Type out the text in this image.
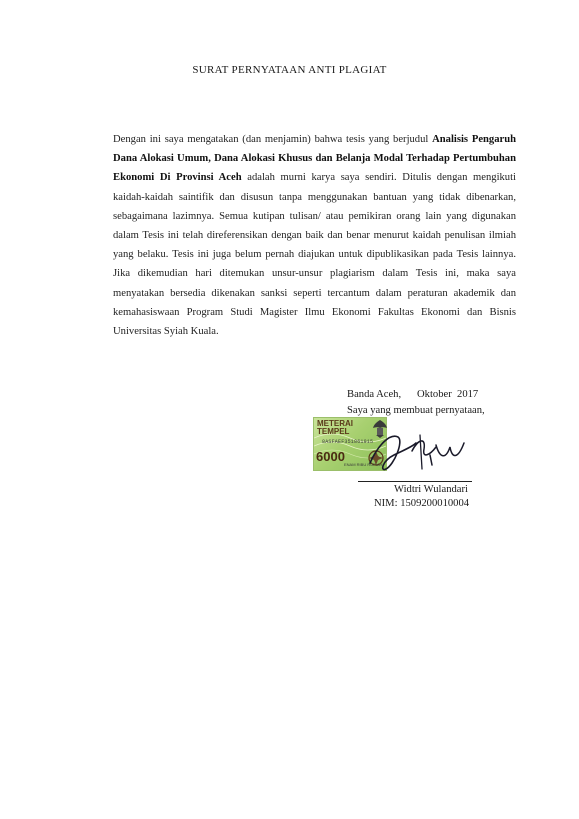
SURAT PERNYATAAN ANTI PLAGIAT
Dengan ini saya mengatakan (dan menjamin) bahwa tesis yang berjudul Analisis Pengaruh Dana Alokasi Umum, Dana Alokasi Khusus dan Belanja Modal Terhadap Pertumbuhan Ekonomi Di Provinsi Aceh adalah murni karya saya sendiri. Ditulis dengan mengikuti kaidah-kaidah saintifik dan disusun tanpa menggunakan bantuan yang tidak dibenarkan, sebagaimana lazimnya. Semua kutipan tulisan/ atau pemikiran orang lain yang digunakan dalam Tesis ini telah direferensikan dengan baik dan benar menurut kaidah penulisan ilmiah yang belaku. Tesis ini juga belum pernah diajukan untuk dipublikasikan pada Tesis lainnya. Jika dikemudian hari ditemukan unsur-unsur plagiarism dalam Tesis ini, maka saya menyatakan bersedia dikenakan sanksi seperti tercantum dalam peraturan akademik dan kemahasiswaan Program Studi Magister Ilmu Ekonomi Fakultas Ekonomi dan Bisnis Universitas Syiah Kuala.
Banda Aceh,      Oktober  2017
Saya yang membuat pernyataan,
METERAI
TEMPEL
8ASFAEF351861915
6000
ENAM RIBU RUPIAH
Widtri Wulandari
NIM: 1509200010004
